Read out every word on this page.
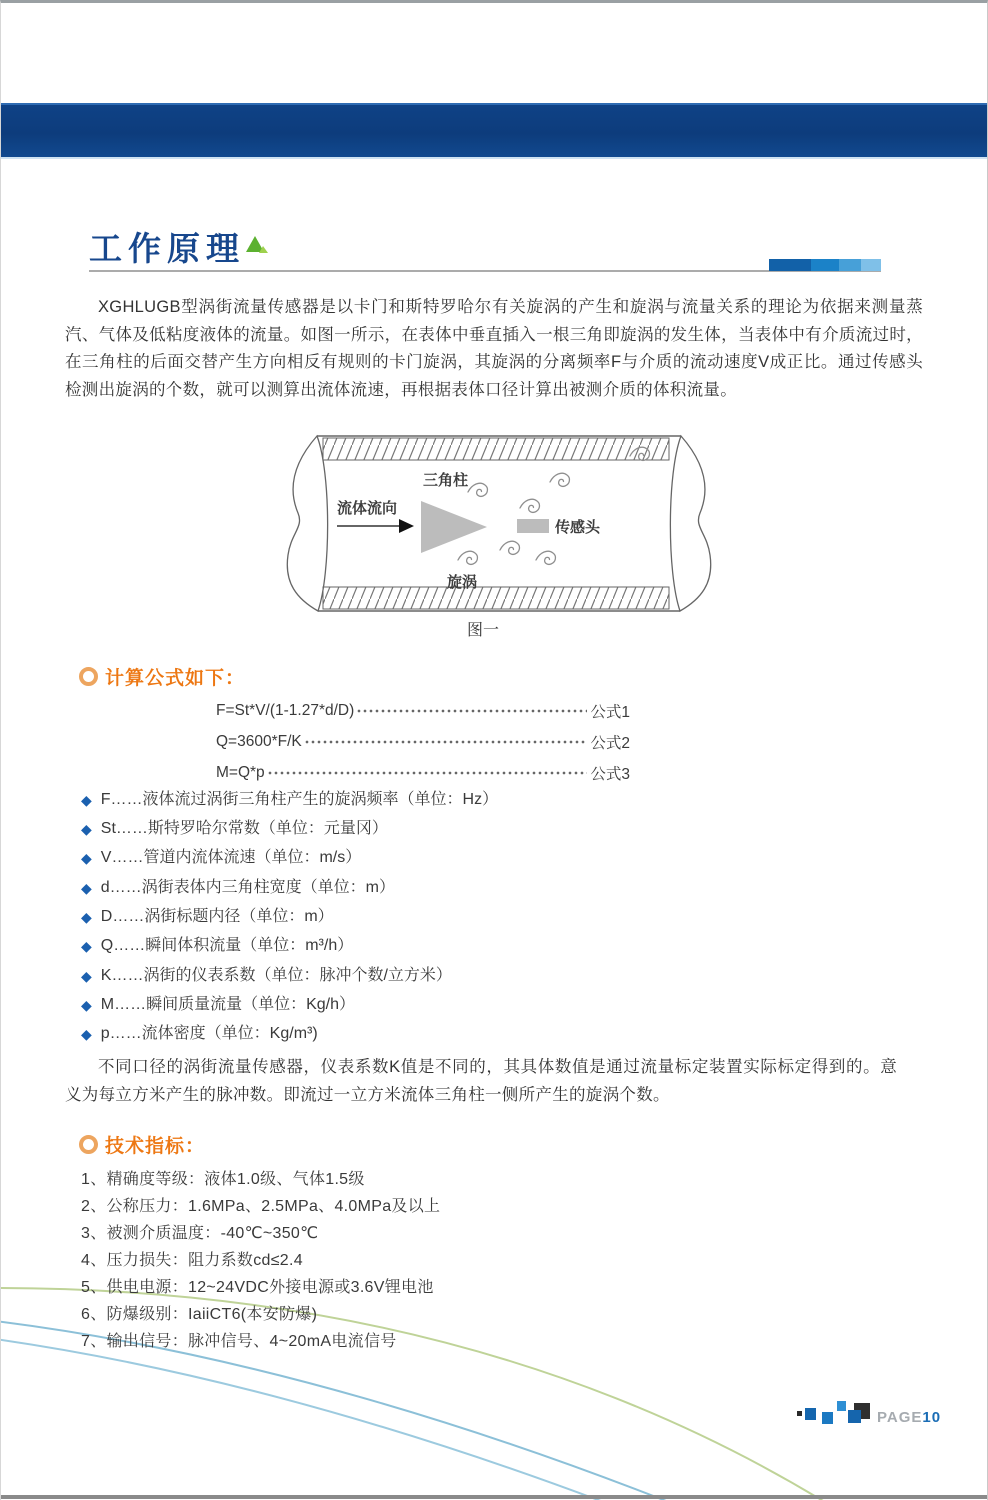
工作原理

XGHLUGB型涡街流量传感器是以卡门和斯特罗哈尔有关旋涡的产生和旋涡与流量关系的理论为依据来测量蒸汽、气体及低粘度液体的流量。如图一所示，在表体中垂直插入一根三角即旋涡的发生体，当表体中有介质流过时，在三角柱的后面交替产生方向相反有规则的卡门旋涡，其旋涡的分离频率F与介质的流动速度V成正比。通过传感头检测出旋涡的个数，就可以测算出流体流速，再根据表体口径计算出被测介质的体积流量。

流体流向
三角柱
传感头
旋涡
图一
计算公式如下：
F=St*V/(1-1.27*d/D)	公式1
Q=3600*F/K	公式2
M=Q*p	公式3
◆ F……液体流过涡街三角柱产生的旋涡频率（单位：Hz）
◆ St……斯特罗哈尔常数（单位：元量冈）
◆ V……管道内流体流速（单位：m/s）
◆ d……涡街表体内三角柱宽度（单位：m）
◆ D……涡街标题内径（单位：m）
◆ Q……瞬间体积流量（单位：m³/h）
◆ K……涡街的仪表系数（单位：脉冲个数/立方米）
◆ M……瞬间质量流量（单位：Kg/h）
◆ p……流体密度（单位：Kg/m³)

不同口径的涡街流量传感器，仪表系数K值是不同的，其具体数值是通过流量标定装置实际标定得到的。意义为每立方米产生的脉冲数。即流过一立方米流体三角柱一侧所产生的旋涡个数。

技术指标：
1、精确度等级：液体1.0级、气体1.5级
2、公称压力：1.6MPa、2.5MPa、4.0MPa及以上
3、被测介质温度：-40℃~350℃
4、压力损失：阻力系数cd≤2.4
5、供电电源：12~24VDC外接电源或3.6V锂电池
6、防爆级别：IaiiCT6(本安防爆)
7、输出信号：脉冲信号、4~20mA电流信号
PAGE10
